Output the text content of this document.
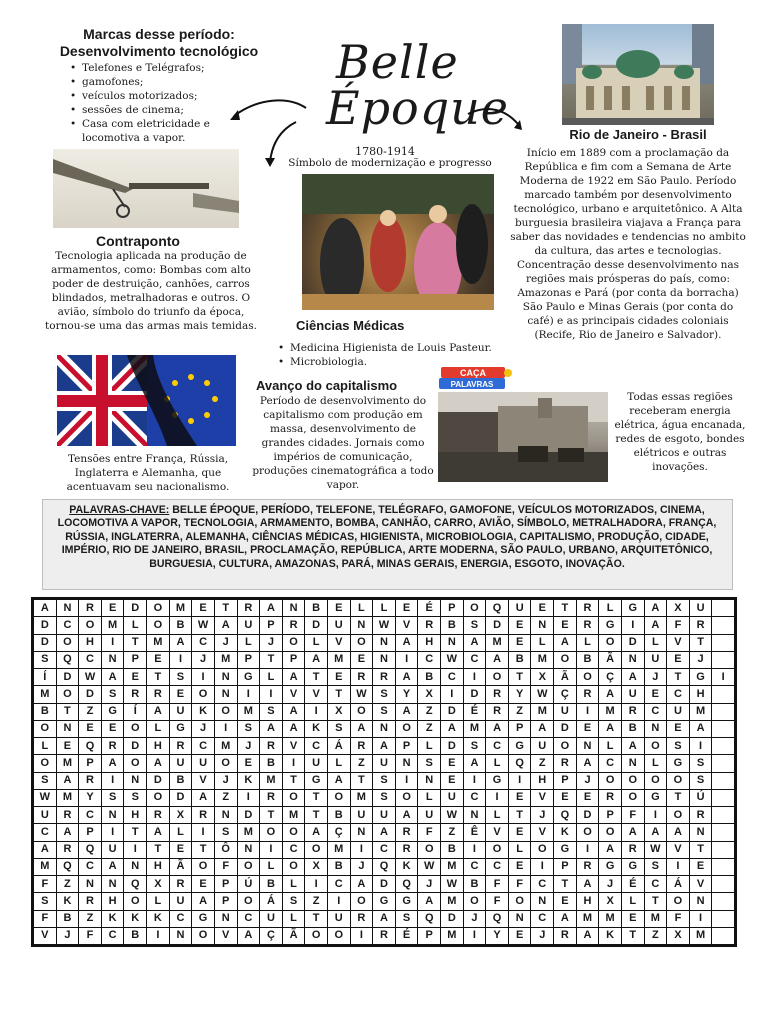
Marcas desse período:
Desenvolvimento tecnológico
• Telefones e Telégrafos;
• gamofones;
• veículos motorizados;
• sessões de cinema;
• Casa com eletricidade e locomotiva a vapor.
Belle
Époque
1780-1914
Símbolo de modernização e progresso
CAÇA
PALAVRAS
Contraponto
Tecnologia aplicada na produção de armamentos, como: Bombas com alto poder de destruição, canhões, carros blindados, metralhadoras e outros. O avião, símbolo do triunfo da época, tornou-se uma das armas mais temidas.
Tensões entre França, Rússia, Inglaterra e Alemanha, que acentuavam seu nacionalismo.
Ciências Médicas
• Medicina Higienista de Louis Pasteur.
• Microbiologia.
Avanço do capitalismo
Período de desenvolvimento do capitalismo com produção em massa, desenvolvimento de grandes cidades. Jornais como impérios de comunicação, produções cinematográfica a todo vapor.
Rio de Janeiro - Brasil
Início em 1889 com a proclamação da República e fim com a Semana de Arte Moderna de 1922 em São Paulo. Período marcado também por desenvolvimento tecnológico, urbano e arquitetônico. A Alta burguesia brasileira viajava a França para saber das novidades e tendencias no ambito da cultura, das artes e tecnologias. Concentração desse desenvolvimento nas regiões mais prósperas do país, como: Amazonas e Pará (por conta da borracha) São Paulo e Minas Gerais (por conta do café) e as principais cidades coloniais (Recife, Rio de Janeiro e Salvador).
Todas essas regiões receberam energia elétrica, água encanada, redes de esgoto, bondes elétricos e outras inovações.
PALAVRAS-CHAVE: BELLE ÉPOQUE, PERÍODO, TELEFONE, TELÉGRAFO, GAMOFONE, VEÍCULOS MOTORIZADOS, CINEMA, LOCOMOTIVA A VAPOR, TECNOLOGIA, ARMAMENTO, BOMBA, CANHÃO, CARRO, AVIÃO, SÍMBOLO, METRALHADORA, FRANÇA, RÚSSIA, INGLATERRA, ALEMANHA, CIÊNCIAS MÉDICAS, HIGIENISTA, MICROBIOLOGIA, CAPITALISMO, PRODUÇÃO, CIDADE, IMPÉRIO, RIO DE JANEIRO, BRASIL, PROCLAMAÇÃO, REPÚBLICA, ARTE MODERNA, SÃO PAULO, URBANO, ARQUITETÔNICO, BURGUESIA, CULTURA, AMAZONAS, PARÁ, MINAS GERAIS, ENERGIA, ESGOTO, INOVAÇÃO.
A	N	R	E	D	O	M	E	T	R	A	N	B	E	L	L	E	É	P	O	Q	U	E	T	R	L	G	A	X	U
D	C	O	M	L	O	B	W	A	U	P	R	D	U	N	W	V	R	B	S	D	E	N	E	R	G	I	A	F	R
D	O	H	I	T	M	A	C	J	L	J	O	L	V	O	N	A	H	N	A	M	E	L	A	L	O	D	L	V	T
S	Q	C	N	P	E	I	J	M	P	T	P	A	M	E	N	I	C	W	C	A	B	M	O	B	Ã	N	U	E	J
Í	D	W	A	E	T	S	I	N	G	L	A	T	E	R	R	A	B	C	I	O	T	X	Ã	O	Ç	A	J	T	G	I
M	O	D	S	R	R	E	O	N	I	I	V	V	T	W	S	Y	X	I	D	R	Y	W	Ç	R	A	U	E	C	H
B	T	Z	G	Í	A	U	K	O	M	S	A	I	X	O	S	A	Z	D	É	R	Z	M	U	I	M	R	C	U	M
O	N	E	E	O	L	G	J	I	S	A	A	K	S	A	N	O	Z	A	M	A	P	A	D	E	A	B	N	E	A
L	E	Q	R	D	H	R	C	M	J	R	V	C	Á	R	A	P	L	D	S	C	G	U	O	N	L	A	O	S	I
O	M	P	A	O	A	U	U	O	E	B	I	U	L	Z	U	N	S	E	A	L	Q	Z	R	A	C	N	L	G	S
S	A	R	I	N	D	B	V	J	K	M	T	G	A	T	S	I	N	E	I	G	I	H	P	J	O	O	O	O	S
W	M	Y	S	S	O	D	A	Z	I	R	O	T	O	M	S	O	L	U	C	I	E	V	E	E	R	O	G	T	Ú
U	R	C	N	H	R	X	R	N	D	T	M	T	B	U	U	A	U	W	N	L	T	J	Q	D	P	F	I	O	R
C	A	P	I	T	A	L	I	S	M	O	O	A	Ç	N	A	R	F	Z	Ê	V	E	V	K	O	O	A	A	A	N
A	R	Q	U	I	T	E	T	Ô	N	I	C	O	M	I	C	R	O	B	I	O	L	O	G	I	A	R	W	V	T
M	Q	C	A	N	H	Ã	O	F	O	L	O	X	B	J	Q	K	W	M	C	C	E	I	P	R	G	G	S	I	E
F	Z	N	N	Q	X	R	E	P	Ú	B	L	I	C	A	D	Q	J	W	B	F	F	C	T	A	J	É	C	Á	V
S	K	R	H	O	L	U	A	P	O	Á	S	Z	I	O	G	G	A	M	O	F	O	N	E	H	X	L	T	O	N
F	B	Z	K	K	K	C	G	N	C	U	L	T	U	R	A	S	Q	D	J	Q	N	C	A	M	M	E	M	F	I
V	J	F	C	B	I	N	O	V	A	Ç	Ã	O	O	I	R	É	P	M	I	Y	E	J	R	A	K	T	Z	X	M
